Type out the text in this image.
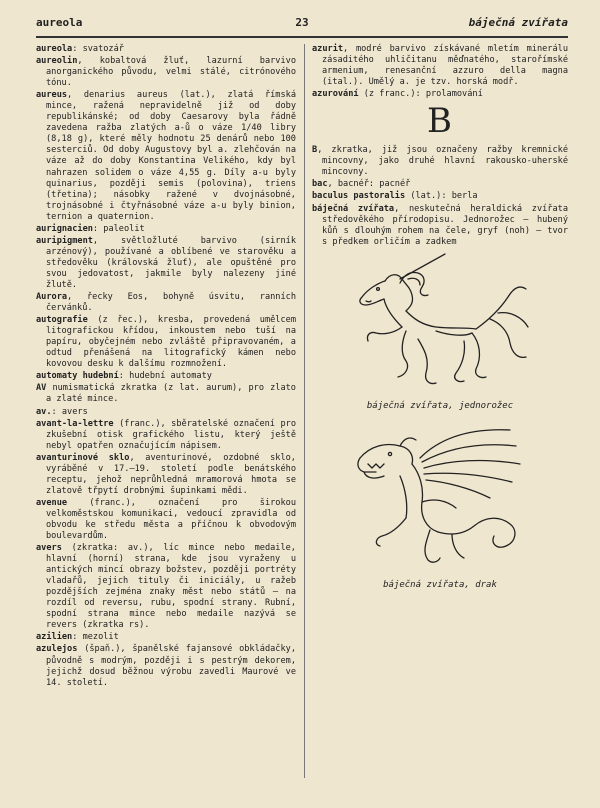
aureola	23	báječná zvířata

aureola: svatozář

aureolin, kobaltová žluť, lazurní barvivo anorganického původu, velmi stálé, citrónového tónu.

aureus, denarius aureus (lat.), zlatá římská mince, ražená nepravidelně již od doby republikánské; od doby Caesarovy byla řádně zavedena ražba zlatých a-ů o váze 1/40 libry (8,18 g), které měly hodnotu 25 denárů nebo 100 sesterciů. Od doby Augustovy byl a. zlehčován na váze až do doby Konstantina Velikého, kdy byl nahrazen solidem o váze 4,55 g. Díly a-u byly quinarius, později semis (polovina), triens (třetina); násobky ražené v dvojnásobné, trojnásobné i čtyřnásobné váze a-u byly binion, ternion a quaternion.

aurignacien: paleolit

auripigment, světložluté barvivo (sirník arzénový), používané a oblíbené ve starověku a středověku (královská žluť), ale opuštěné pro svou jedovatost, jakmile byly nalezeny jiné žlutě.

Aurora, řecky Eos, bohyně úsvitu, ranních červánků.

autografie (z řec.), kresba, provedená umělcem litografickou křídou, inkoustem nebo tuší na papíru, obyčejném nebo zvláště připravovaném, a odtud přenášená na litografický kámen nebo kovovou desku k dalšímu rozmnožení.

automaty hudební: hudební automaty

AV numismatická zkratka (z lat. aurum), pro zlato a zlaté mince.

av.: avers

avant-la-lettre (franc.), sběratelské označení pro zkušební otisk grafického listu, který ještě nebyl opatřen označujícím nápisem.

avanturinové sklo, aventurinové, ozdobné sklo, vyráběné v 17.—19. století podle benátského receptu, jehož neprůhledná mramorová hmota se zlatově třpytí drobnými šupinkami mědi.

avenue (franc.), označení pro širokou velkoměstskou komunikaci, vedoucí zpravidla od obvodu ke středu města a příčnou k obvodovým boulevardům.

avers (zkratka: av.), líc mince nebo medaile, hlavní (horní) strana, kde jsou vyraženy u antických mincí obrazy božstev, později portréty vladařů, jejich tituly či iniciály, u ražeb pozdějších zejména znaky měst nebo států — na rozdíl od reversu, rubu, spodní strany. Rubní, spodní strana mince nebo medaile nazývá se revers (zkratka rs).

azilien: mezolit

azulejos (špaň.), španělské fajansové obkládačky, původně s modrým, později i s pestrým dekorem, jejichž dosud běžnou výrobu zavedli Maurové ve 14. století.

azurit, modré barvivo získávané mletím minerálu zásaditého uhličitanu měďnatého, starořímské armenium, renesanční azzuro della magna (ital.). Umělý a. je tzv. horská modř.

azurování (z franc.): prolamování

B

B, zkratka, již jsou označeny ražby kremnické mincovny, jako druhé hlavní rakousko-uherské mincovny.

bac, bacnéř: pacnéř

baculus pastoralis (lat.): berla

báječná zvířata, neskutečná heraldická zvířata středověkého přírodopisu. Jednorožec — hubený kůň s dlouhým rohem na čele, gryf (noh) — tvor s předkem orličím a zadkem

báječná zvířata, jednorožec
báječná zvířata, drak
